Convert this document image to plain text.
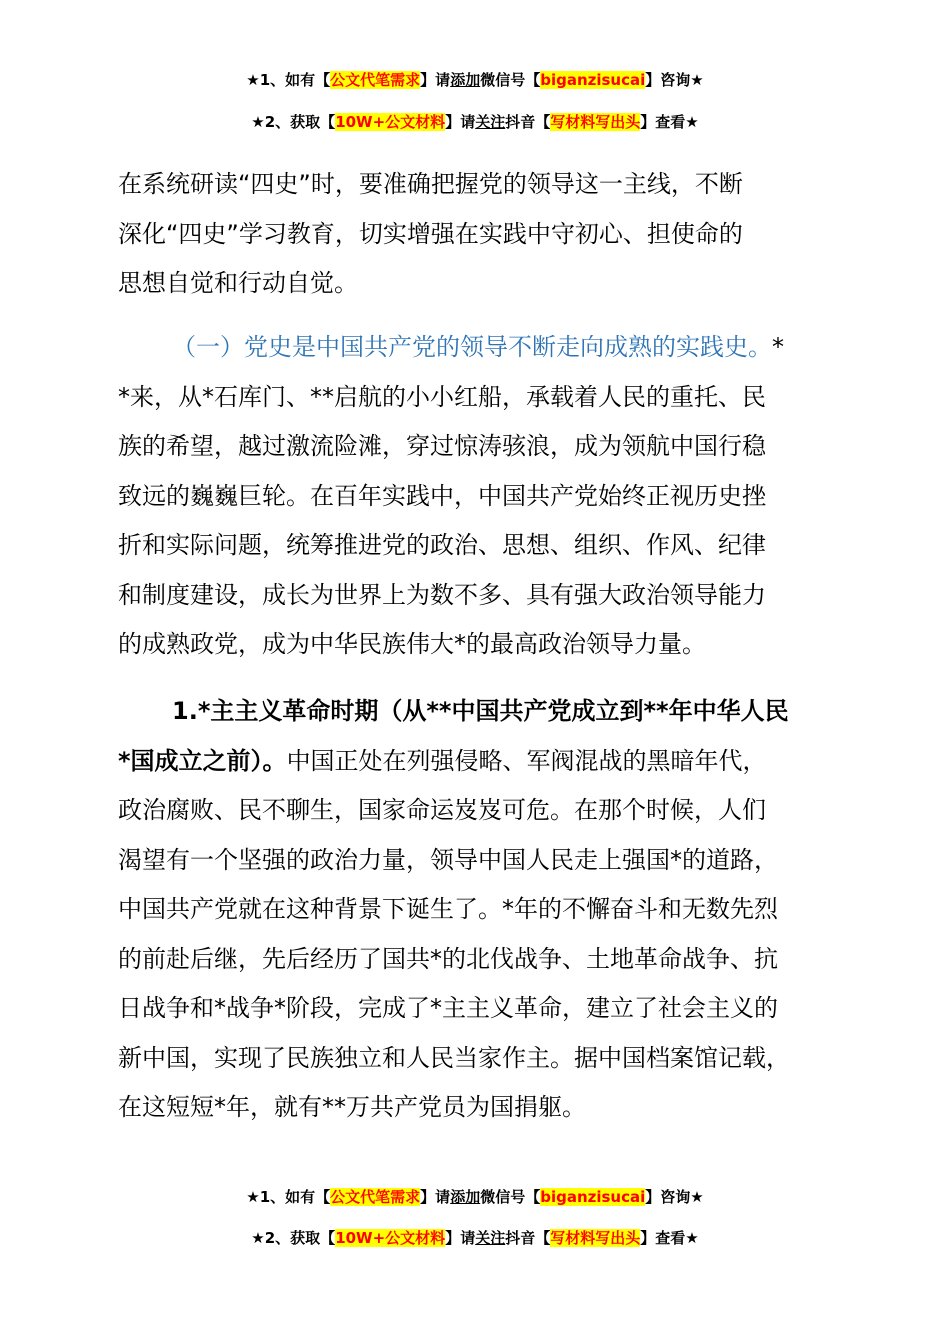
★1、如有【公文代笔需求】请添加微信号【biganzisucai】咨询★
★2、获取【10W+公文材料】请关注抖音【写材料写出头】查看★
在系统研读“四史”时，要准确把握党的领导这一主线，不断
深化“四史”学习教育，切实增强在实践中守初心、担使命的
思想自觉和行动自觉。
（一）党史是中国共产党的领导不断走向成熟的实践史。*
*来，从*石库门、**启航的小小红船，承载着人民的重托、民
族的希望，越过激流险滩，穿过惊涛骇浪，成为领航中国行稳
致远的巍巍巨轮。在百年实践中，中国共产党始终正视历史挫
折和实际问题，统筹推进党的政治、思想、组织、作风、纪律
和制度建设，成长为世界上为数不多、具有强大政治领导能力
的成熟政党，成为中华民族伟大*的最高政治领导力量。
1.*主主义革命时期（从**中国共产党成立到**年中华人民
*国成立之前）。中国正处在列强侵略、军阀混战的黑暗年代，
政治腐败、民不聊生，国家命运岌岌可危。在那个时候，人们
渴望有一个坚强的政治力量，领导中国人民走上强国*的道路，
中国共产党就在这种背景下诞生了。*年的不懈奋斗和无数先烈
的前赴后继，先后经历了国共*的北伐战争、土地革命战争、抗
日战争和*战争*阶段，完成了*主主义革命，建立了社会主义的
新中国，实现了民族独立和人民当家作主。据中国档案馆记载，
在这短短*年，就有**万共产党员为国捐躯。
★1、如有【公文代笔需求】请添加微信号【biganzisucai】咨询★
★2、获取【10W+公文材料】请关注抖音【写材料写出头】查看★
